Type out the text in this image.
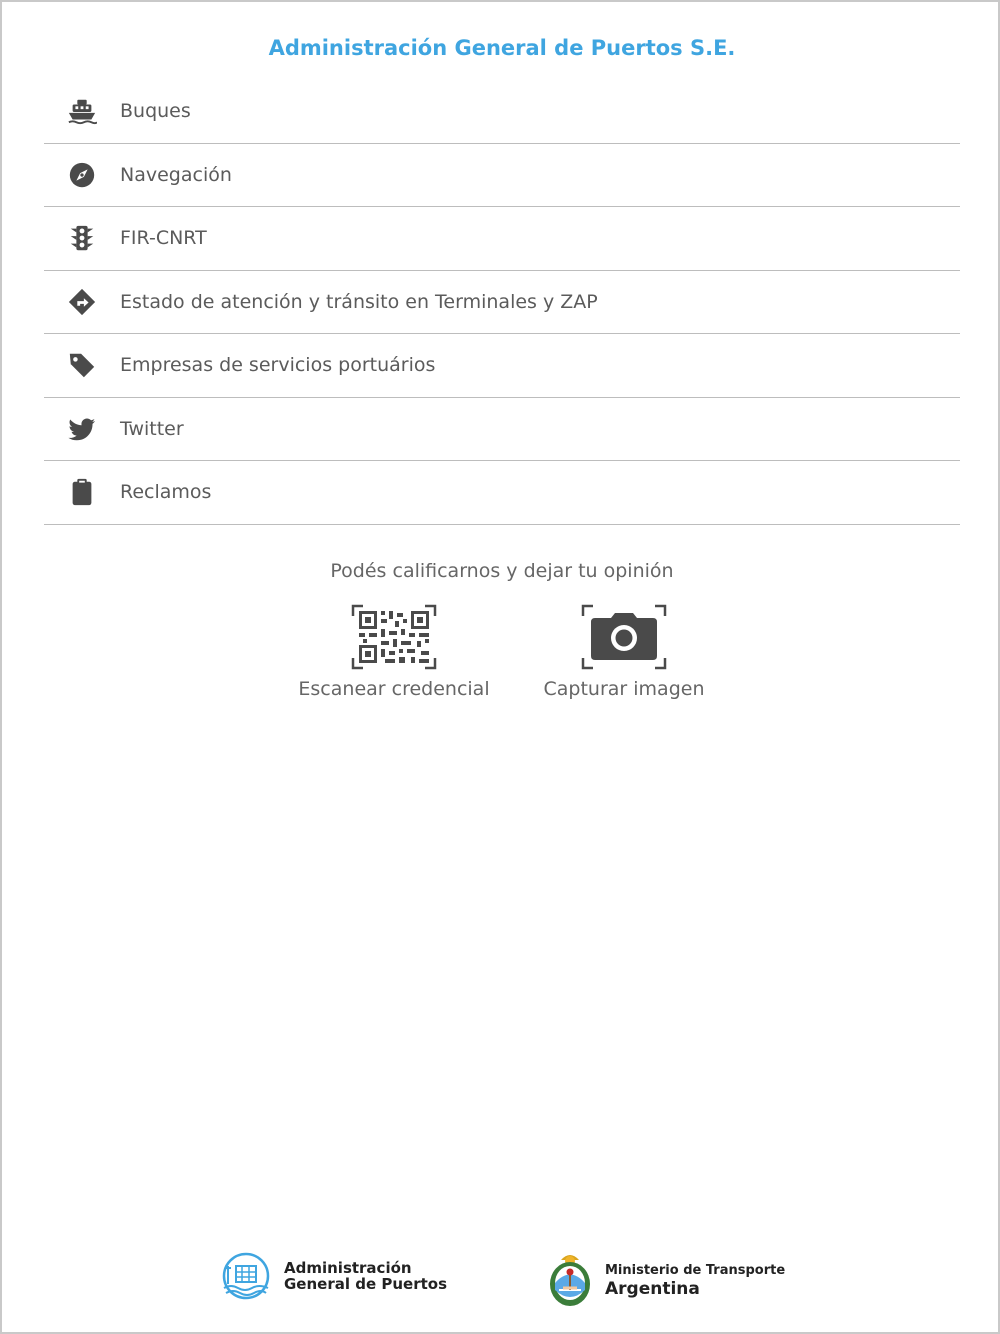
Administración General de Puertos S.E.
Buques
Navegación
FIR-CNRT
Estado de atención y tránsito en Terminales y ZAP
Empresas de servicios portuários
Twitter
Reclamos
Podés calificarnos y dejar tu opinión
Escanear credencial	Capturar imagen
Administración
General de Puertos
Ministerio de Transporte
Argentina
